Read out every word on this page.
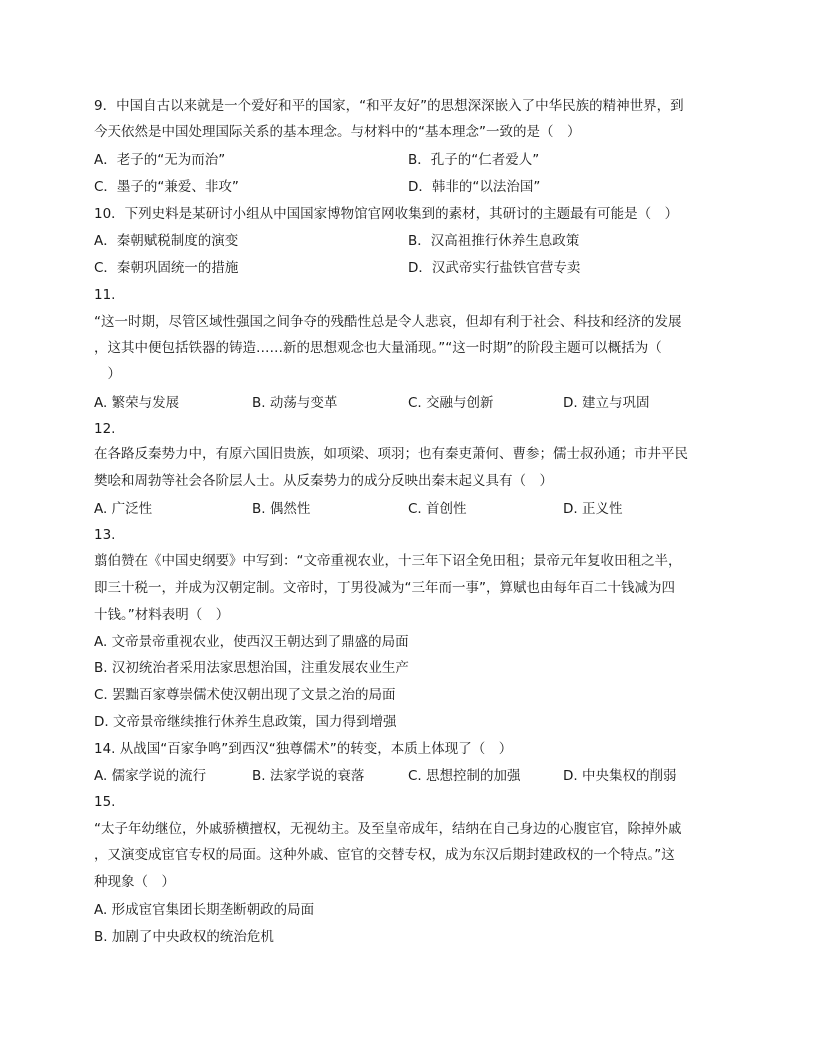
9．中国自古以来就是一个爱好和平的国家，“和平友好”的思想深深嵌入了中华民族的精神世界，到
今天依然是中国处理国际关系的基本理念。与材料中的“基本理念”一致的是（　）
A．老子的“无为而治”	B．孔子的“仁者爱人”
C．墨子的“兼爱、非攻”	D．韩非的“以法治国”
10．下列史料是某研讨小组从中国国家博物馆官网收集到的素材，其研讨的主题最有可能是（　）
A．秦朝赋税制度的演变	B．汉高祖推行休养生息政策
C．秦朝巩固统一的措施	D．汉武帝实行盐铁官营专卖
11.
“这一时期，尽管区域性强国之间争夺的残酷性总是令人悲哀，但却有利于社会、科技和经济的发展
，这其中便包括铁器的铸造……新的思想观念也大量涌现。”“这一时期”的阶段主题可以概括为（
　）
A. 繁荣与发展	B. 动荡与变革	C. 交融与创新	D. 建立与巩固
12.
在各路反秦势力中，有原六国旧贵族，如项梁、项羽；也有秦吏萧何、曹参；儒士叔孙通；市井平民
樊哙和周勃等社会各阶层人士。从反秦势力的成分反映出秦末起义具有（　）
A. 广泛性	B. 偶然性	C. 首创性	D. 正义性
13.
翦伯赞在《中国史纲要》中写到：“文帝重视农业，十三年下诏全免田租；景帝元年复收田租之半，
即三十税一，并成为汉朝定制。文帝时，丁男役减为“三年而一事”，算赋也由每年百二十钱减为四
十钱。”材料表明（　）
A. 文帝景帝重视农业，使西汉王朝达到了鼎盛的局面
B. 汉初统治者采用法家思想治国，注重发展农业生产
C. 罢黜百家尊崇儒术使汉朝出现了文景之治的局面
D. 文帝景帝继续推行休养生息政策，国力得到增强
14. 从战国“百家争鸣”到西汉“独尊儒术”的转变，本质上体现了（　）
A. 儒家学说的流行	B. 法家学说的衰落	C. 思想控制的加强	D. 中央集权的削弱
15.
“太子年幼继位，外戚骄横擅权，无视幼主。及至皇帝成年，结纳在自己身边的心腹宦官，除掉外戚
，又演变成宦官专权的局面。这种外戚、宦官的交替专权，成为东汉后期封建政权的一个特点。”这
种现象（　）
A. 形成宦官集团长期垄断朝政的局面
B. 加剧了中央政权的统治危机
